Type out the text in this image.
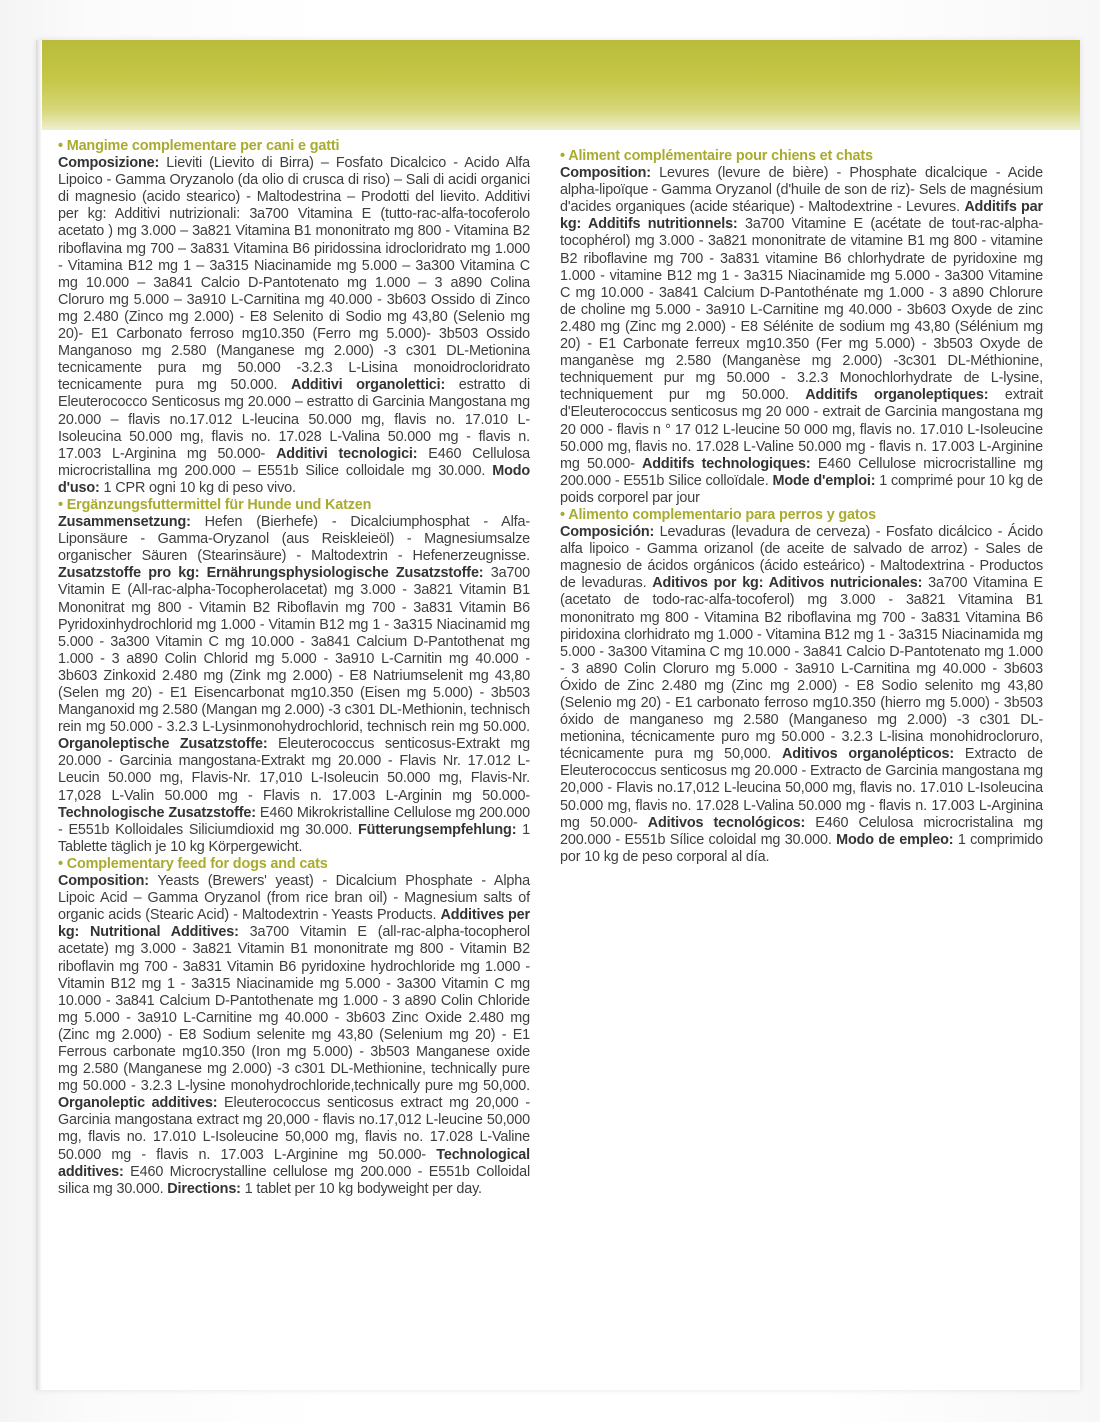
• Mangime complementare per cani e gatti
Composizione: Lieviti (Lievito di Birra) – Fosfato Dicalcico - Acido Alfa Lipoico - Gamma Oryzanolo (da olio di crusca di riso) – Sali di acidi organici di magnesio (acido stearico) - Maltodestrina – Prodotti del lievito. Additivi per kg: Additivi nutrizionali: 3a700 Vitamina E (tutto-rac-alfa-tocoferolo acetato ) mg 3.000 – 3a821 Vitamina B1 mononitrato mg 800 - Vitamina B2 riboflavina mg 700 – 3a831 Vitamina B6 piridossina idrocloridrato mg 1.000 - Vitamina B12 mg 1 – 3a315 Niacinamide mg 5.000 – 3a300 Vitamina C mg 10.000 – 3a841 Calcio D-Pantotenato mg 1.000 – 3 a890 Colina Cloruro mg 5.000 – 3a910 L-Carnitina mg 40.000 - 3b603 Ossido di Zinco mg 2.480 (Zinco mg 2.000) - E8 Selenito di Sodio mg 43,80 (Selenio mg 20)- E1 Carbonato ferroso mg10.350 (Ferro mg 5.000)- 3b503 Ossido Manganoso mg 2.580 (Manganese mg 2.000) -3 c301 DL-Metionina tecnicamente pura mg 50.000 -3.2.3 L-Lisina monoidrocloridrato tecnicamente pura mg 50.000. Additivi organolettici: estratto di Eleuterococco Senticosus mg 20.000 – estratto di Garcinia Mangostana mg 20.000 – flavis no.17.012 L-leucina 50.000 mg, flavis no. 17.010 L-Isoleucina 50.000 mg, flavis no. 17.028 L-Valina 50.000 mg - flavis n. 17.003 L-Arginina mg 50.000- Additivi tecnologici: E460 Cellulosa microcristallina mg 200.000 – E551b Silice colloidale mg 30.000. Modo d'uso: 1 CPR ogni 10 kg di peso vivo.

• Ergänzungsfuttermittel für Hunde und Katzen
Zusammensetzung: Hefen (Bierhefe) - Dicalciumphosphat - Alfa-Liponsäure - Gamma-Oryzanol (aus Reiskleieöl) - Magnesiumsalze organischer Säuren (Stearinsäure) - Maltodextrin - Hefenerzeugnisse. Zusatzstoffe pro kg: Ernährungsphysiologische Zusatzstoffe: 3a700 Vitamin E (All-rac-alpha-Tocopherolacetat) mg 3.000 - 3a821 Vitamin B1 Mononitrat mg 800 - Vitamin B2 Riboflavin mg 700 - 3a831 Vitamin B6 Pyridoxinhydrochlorid mg 1.000 - Vitamin B12 mg 1 - 3a315 Niacinamid mg 5.000 - 3a300 Vitamin C mg 10.000 - 3a841 Calcium D-Pantothenat mg 1.000 - 3 a890 Colin Chlorid mg 5.000 - 3a910 L-Carnitin mg 40.000 - 3b603 Zinkoxid 2.480 mg (Zink mg 2.000) - E8 Natriumselenit mg 43,80 (Selen mg 20) - E1 Eisencarbonat mg10.350 (Eisen mg 5.000) - 3b503 Manganoxid mg 2.580 (Mangan mg 2.000) -3 c301 DL-Methionin, technisch rein mg 50.000 - 3.2.3 L-Lysinmonohydrochlorid, technisch rein mg 50.000. Organoleptische Zusatzstoffe: Eleuterococcus senticosus-Extrakt mg 20.000 - Garcinia mangostana-Extrakt mg 20.000 - Flavis Nr. 17.012 L-Leucin 50.000 mg, Flavis-Nr. 17,010 L-Isoleucin 50.000 mg, Flavis-Nr. 17,028 L-Valin 50.000 mg - Flavis n. 17.003 L-Arginin mg 50.000- Technologische Zusatzstoffe: E460 Mikrokristalline Cellulose mg 200.000 - E551b Kolloidales Siliciumdioxid mg 30.000. Fütterungsempfehlung: 1 Tablette täglich je 10 kg Körpergewicht.

• Complementary feed for dogs and cats
Composition: Yeasts (Brewers' yeast) - Dicalcium Phosphate - Alpha Lipoic Acid – Gamma Oryzanol (from rice bran oil) - Magnesium salts of organic acids (Stearic Acid) - Maltodextrin - Yeasts Products. Additives per kg: Nutritional Additives: 3a700 Vitamin E (all-rac-alpha-tocopherol acetate) mg 3.000 - 3a821 Vitamin B1 mononitrate mg 800 - Vitamin B2 riboflavin mg 700 - 3a831 Vitamin B6 pyridoxine hydrochloride mg 1.000 - Vitamin B12 mg 1 - 3a315 Niacinamide mg 5.000 - 3a300 Vitamin C mg 10.000 - 3a841 Calcium D-Pantothenate mg 1.000 - 3 a890 Colin Chloride mg 5.000 - 3a910 L-Carnitine mg 40.000 - 3b603 Zinc Oxide 2.480 mg (Zinc mg 2.000) - E8 Sodium selenite mg 43,80 (Selenium mg 20) - E1 Ferrous carbonate mg10.350 (Iron mg 5.000) - 3b503 Manganese oxide mg 2.580 (Manganese mg 2.000) -3 c301 DL-Methionine, technically pure mg 50.000 - 3.2.3 L-lysine monohydrochloride,technically pure mg 50,000. Organoleptic additives: Eleuterococcus senticosus extract mg 20,000 - Garcinia mangostana extract mg 20,000 - flavis no.17,012 L-leucine 50,000 mg, flavis no. 17.010 L-Isoleucine 50,000 mg, flavis no. 17.028 L-Valine 50.000 mg - flavis n. 17.003 L-Arginine mg 50.000- Technological additives: E460 Microcrystalline cellulose mg 200.000 - E551b Colloidal silica mg 30.000. Directions: 1 tablet per 10 kg bodyweight per day.

• Aliment complémentaire pour chiens et chats
Composition: Levures (levure de bière) - Phosphate dicalcique - Acide alpha-lipoïque - Gamma Oryzanol (d'huile de son de riz)- Sels de magnésium d'acides organiques (acide stéarique) - Maltodextrine - Levures. Additifs par kg: Additifs nutritionnels: 3a700 Vitamine E (acétate de tout-rac-alpha-tocophérol) mg 3.000 - 3a821 mononitrate de vitamine B1 mg 800 - vitamine B2 riboflavine mg 700 - 3a831 vitamine B6 chlorhydrate de pyridoxine mg 1.000 - vitamine B12 mg 1 - 3a315 Niacinamide mg 5.000 - 3a300 Vitamine C mg 10.000 - 3a841 Calcium D-Pantothénate mg 1.000 - 3 a890 Chlorure de choline mg 5.000 - 3a910 L-Carnitine mg 40.000 - 3b603 Oxyde de zinc 2.480 mg (Zinc mg 2.000) - E8 Sélénite de sodium mg 43,80 (Sélénium mg 20) - E1 Carbonate ferreux mg10.350 (Fer mg 5.000) - 3b503 Oxyde de manganèse mg 2.580 (Manganèse mg 2.000) -3c301 DL-Méthionine, techniquement pur mg 50.000 - 3.2.3 Monochlorhydrate de L-lysine, techniquement pur mg 50.000. Additifs organoleptiques: extrait d'Eleuterococcus senticosus mg 20 000 - extrait de Garcinia mangostana mg 20 000 - flavis n ° 17 012 L-leucine 50 000 mg, flavis no. 17.010 L-Isoleucine 50.000 mg, flavis no. 17.028 L-Valine 50.000 mg - flavis n. 17.003 L-Arginine mg 50.000- Additifs technologiques: E460 Cellulose microcristalline mg 200.000 - E551b Silice colloïdale. Mode d'emploi: 1 comprimé pour 10 kg de poids corporel par jour

• Alimento complementario para perros y gatos
Composición: Levaduras (levadura de cerveza) - Fosfato dicálcico - Ácido alfa lipoico - Gamma orizanol (de aceite de salvado de arroz) - Sales de magnesio de ácidos orgánicos (ácido esteárico) - Maltodextrina - Productos de levaduras. Aditivos por kg: Aditivos nutricionales: 3a700 Vitamina E (acetato de todo-rac-alfa-tocoferol) mg 3.000 - 3a821 Vitamina B1 mononitrato mg 800 - Vitamina B2 riboflavina mg 700 - 3a831 Vitamina B6 piridoxina clorhidrato mg 1.000 - Vitamina B12 mg 1 - 3a315 Niacinamida mg 5.000 - 3a300 Vitamina C mg 10.000 - 3a841 Calcio D-Pantotenato mg 1.000 - 3 a890 Colin Cloruro mg 5.000 - 3a910 L-Carnitina mg 40.000 - 3b603 Óxido de Zinc 2.480 mg (Zinc mg 2.000) - E8 Sodio selenito mg 43,80 (Selenio mg 20) - E1 carbonato ferroso mg10.350 (hierro mg 5.000) - 3b503 óxido de manganeso mg 2.580 (Manganeso mg 2.000) -3 c301 DL-metionina, técnicamente puro mg 50.000 - 3.2.3 L-lisina monohidrocloruro, técnicamente pura mg 50,000. Aditivos organolépticos: Extracto de Eleuterococcus senticosus mg 20.000 - Extracto de Garcinia mangostana mg 20,000 - Flavis no.17,012 L-leucina 50,000 mg, flavis no. 17.010 L-Isoleucina 50.000 mg, flavis no. 17.028 L-Valina 50.000 mg - flavis n. 17.003 L-Arginina mg 50.000- Aditivos tecnológicos: E460 Celulosa microcristalina mg 200.000 - E551b Sílice coloidal mg 30.000. Modo de empleo: 1 comprimido por 10 kg de peso corporal al día.
